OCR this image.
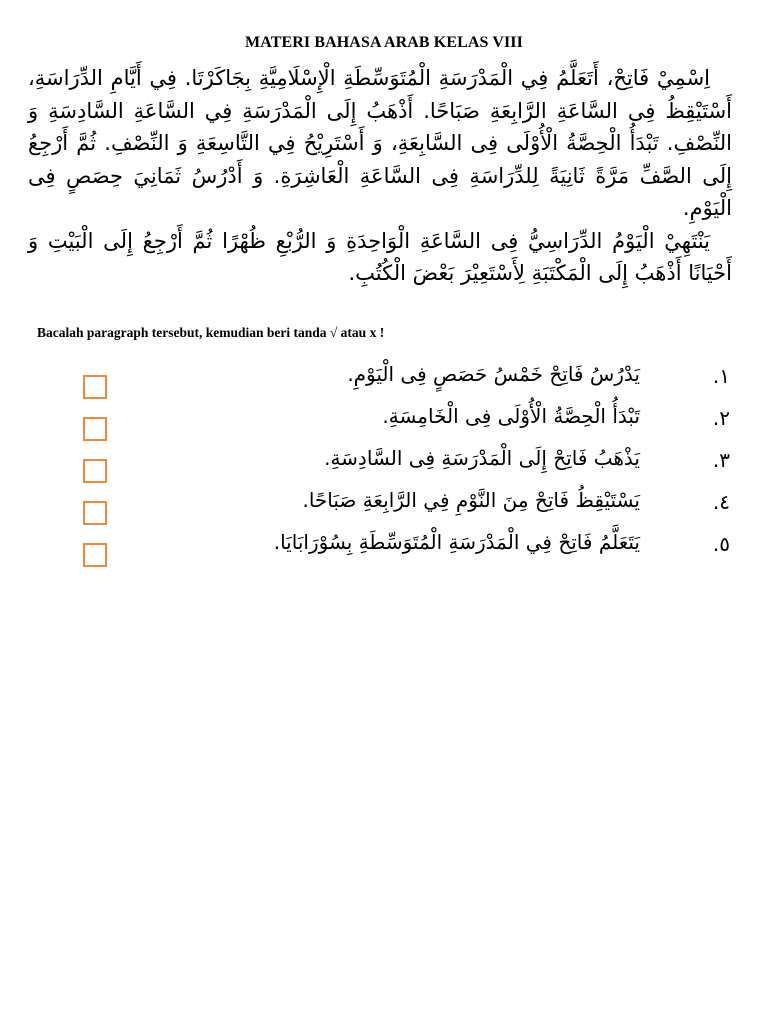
MATERI BAHASA ARAB KELAS VIII

اِسْمِيْ فَاتِحْ، أَتَعَلَّمُ فِي الْمَدْرَسَةِ الْمُتَوَسِّطَةِ الْإِسْلَامِيَّةِ بِجَاكَرْتَا. فِي أَيَّامِ الدِّرَاسَةِ، أَسْتَيْقِظُ فِى السَّاعَةِ الرَّابِعَةِ صَبَاحًا. أَذْهَبُ إِلَى الْمَدْرَسَةِ فِي السَّاعَةِ السَّادِسَةِ وَ النِّصْفِ. تَبْدَأُ الْحِصَّةُ الْأُوْلَى فِى السَّابِعَةِ، وَ أَسْتَرِيْحُ فِي التَّاسِعَةِ وَ النِّصْفِ. ثُمَّ أَرْجِعُ إِلَى الصَّفِّ مَرَّةً ثَانِيَةً لِلدِّرَاسَةِ فِى السَّاعَةِ الْعَاشِرَةِ. وَ أَدْرُسُ ثَمَانِيَ حِصَصٍ فِى الْيَوْمِ.

يَنْتَهِيْ الْيَوْمُ الدِّرَاسِيُّ فِى السَّاعَةِ الْوَاحِدَةِ وَ الرُّبْعِ ظُهْرًا ثُمَّ أَرْجِعُ إِلَى الْبَيْتِ وَ أَحْيَانًا أَذْهَبُ إِلَى الْمَكْتَبَةِ لِأَسْتَعِيْرَ بَعْضَ الْكُتُبِ.

Bacalah paragraph tersebut, kemudian beri tanda √ atau x !
١.
يَدْرُسُ فَاتِحْ خَمْسُ حَصَصٍ فِى الْيَوْمِ.
٢.
تَبْدَأُ الْحِصَّةُ الْأُوْلَى فِى الْخَامِسَةِ.
٣.
يَذْهَبُ فَاتِحْ إِلَى الْمَدْرَسَةِ فِى السَّادِسَةِ.
٤.
يَسْتَيْقِظُ فَاتِحْ مِنَ النَّوْمِ فِي الرَّابِعَةِ صَبَاحًا.
٥.
يَتَعَلَّمُ فَاتِحْ فِي الْمَدْرَسَةِ الْمُتَوَسِّطَةِ بِسُوْرَابَايَا.
